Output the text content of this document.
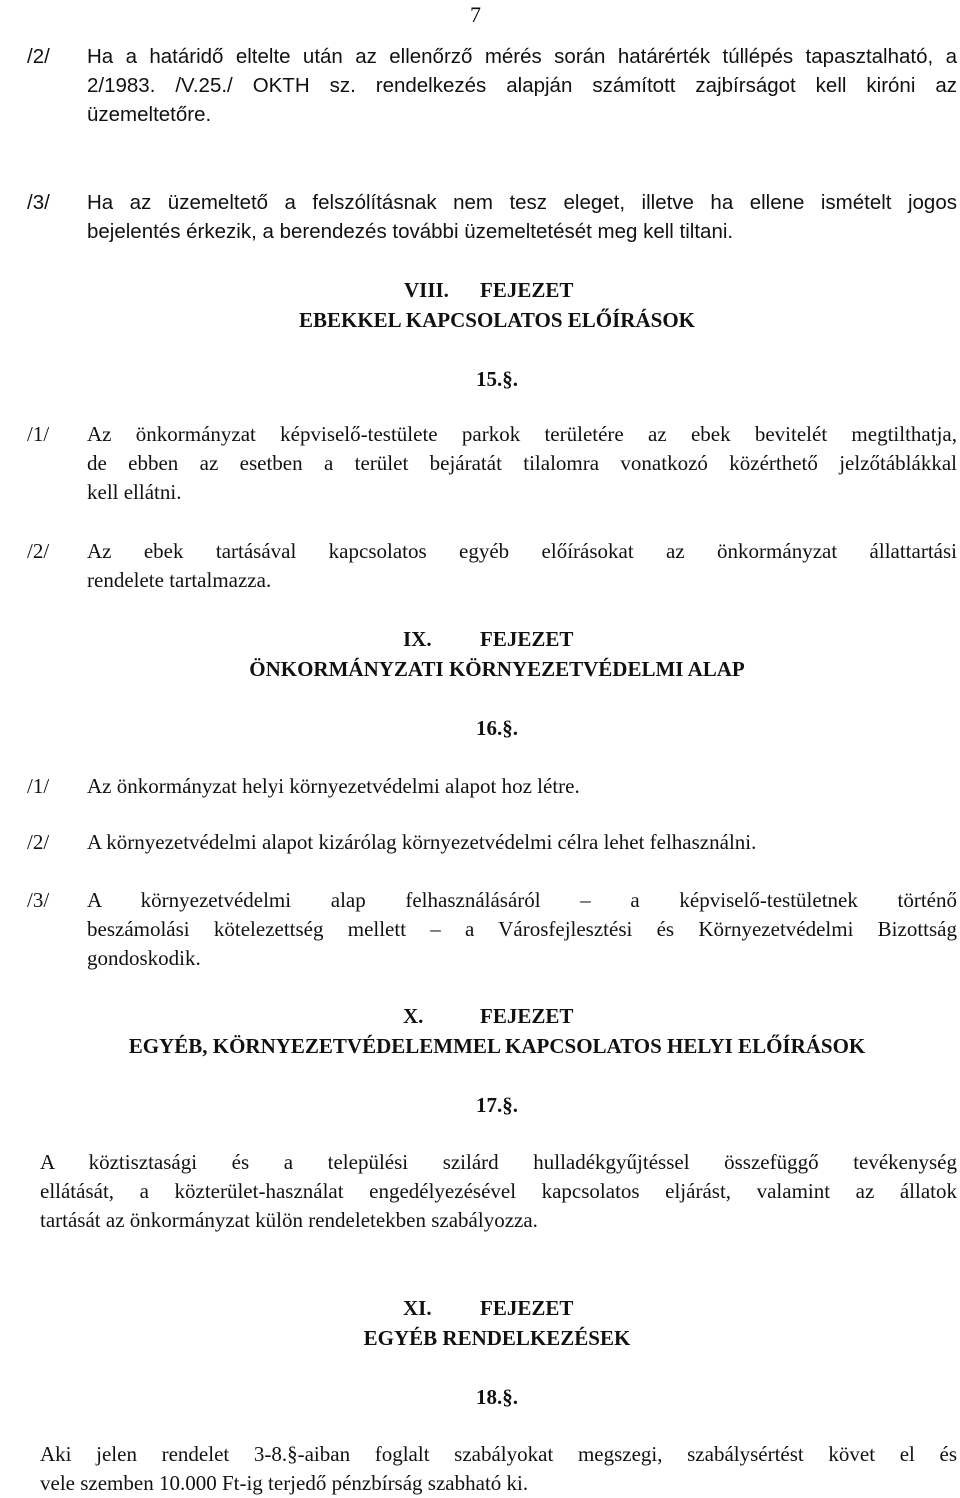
7
/2/ Ha a határidő eltelte után az ellenőrző mérés során határérték túllépés tapasztalható, a
2/1983. /V.25./ OKTH sz. rendelkezés alapján számított zajbírságot kell kiróni az
üzemeltetőre.
/3/ Ha az üzemeltető a felszólításnak nem tesz eleget, illetve ha ellene ismételt jogos
bejelentés érkezik, a berendezés további üzemeltetését meg kell tiltani.
VIII. FEJEZET
EBEKKEL KAPCSOLATOS ELŐÍRÁSOK
15.§.
/1/ Az önkormányzat képviselő-testülete parkok területére az ebek bevitelét megtilthatja,
de ebben az esetben a terület bejáratát tilalomra vonatkozó közérthető jelzőtáblákkal
kell ellátni.
/2/ Az ebek tartásával kapcsolatos egyéb előírásokat az önkormányzat állattartási
rendelete tartalmazza.
IX. FEJEZET
ÖNKORMÁNYZATI KÖRNYEZETVÉDELMI ALAP
16.§.
/1/ Az önkormányzat helyi környezetvédelmi alapot hoz létre.
/2/ A környezetvédelmi alapot kizárólag környezetvédelmi célra lehet felhasználni.
/3/ A környezetvédelmi alap felhasználásáról – a képviselő-testületnek történő
beszámolási kötelezettség mellett – a Városfejlesztési és Környezetvédelmi Bizottság
gondoskodik.
X.	FEJEZET
EGYÉB, KÖRNYEZETVÉDELEMMEL KAPCSOLATOS HELYI ELŐÍRÁSOK
17.§.
A köztisztasági és a települési szilárd hulladékgyűjtéssel összefüggő tevékenység
ellátását, a közterület-használat engedélyezésével kapcsolatos eljárást, valamint az állatok
tartását az önkormányzat külön rendeletekben szabályozza.
XI. FEJEZET
EGYÉB RENDELKEZÉSEK
18.§.
Aki jelen rendelet 3-8.§-aiban foglalt szabályokat megszegi, szabálysértést követ el és
vele szemben 10.000 Ft-ig terjedő pénzbírság szabható ki.
